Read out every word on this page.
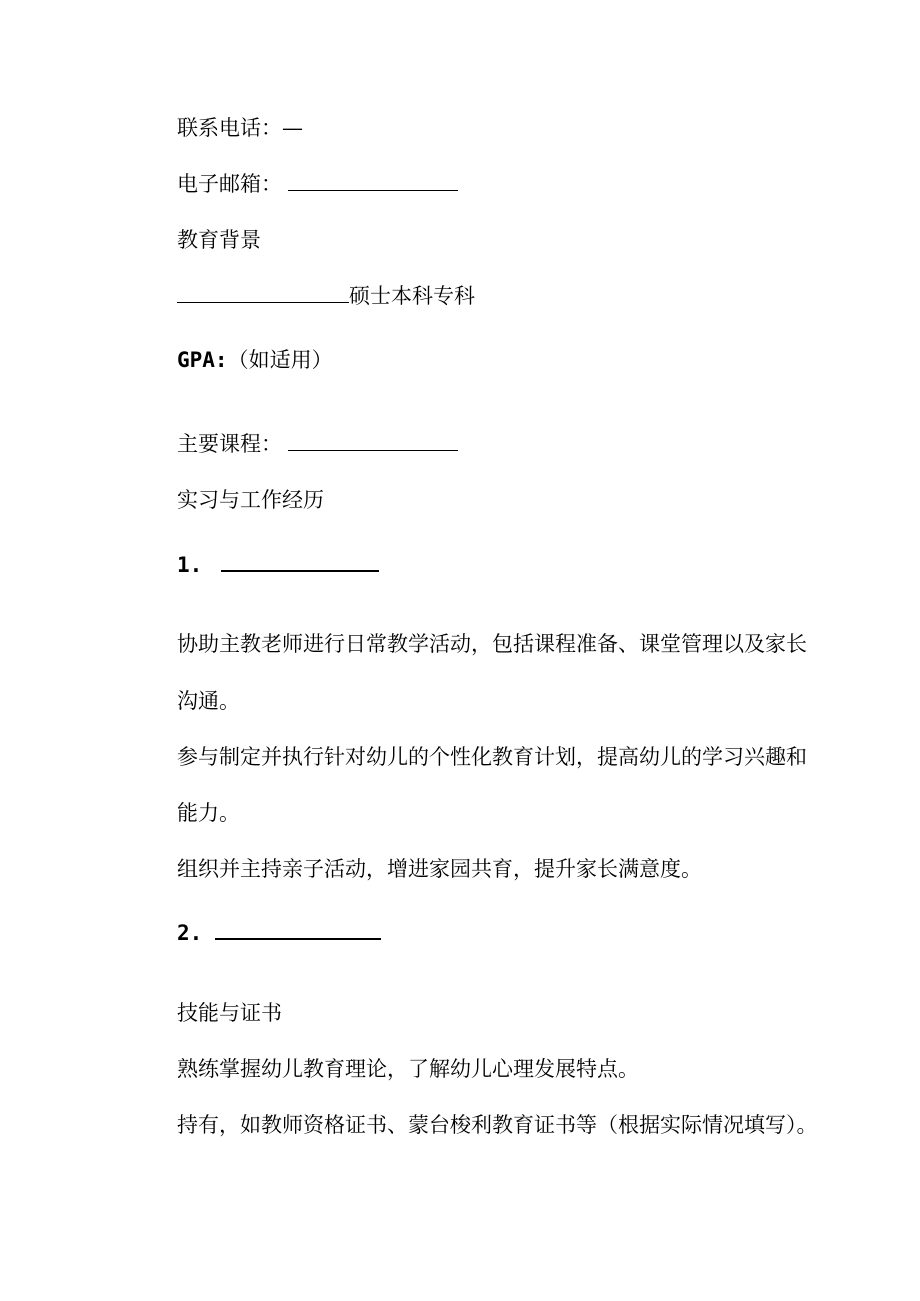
联系电话：—
电子邮箱：
教育背景
硕士本科专科
GPA:（如适用）
主要课程：
实习与工作经历
1.
协助主教老师进行日常教学活动，包括课程准备、课堂管理以及家长
沟通。
参与制定并执行针对幼儿的个性化教育计划，提高幼儿的学习兴趣和
能力。
组织并主持亲子活动，增进家园共育，提升家长满意度。
2.
技能与证书
熟练掌握幼儿教育理论，了解幼儿心理发展特点。
持有，如教师资格证书、蒙台梭利教育证书等（根据实际情况填写）。
